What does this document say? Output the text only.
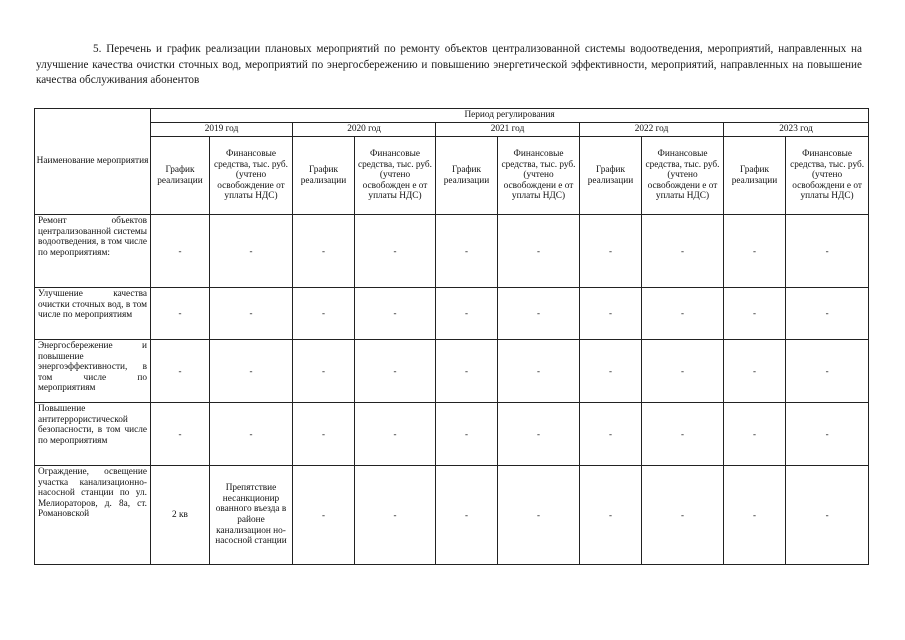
5. Перечень и график реализации плановых мероприятий по ремонту объектов централизованной системы водоотведения, мероприятий, направленных на улучшение качества очистки сточных вод, мероприятий по энергосбережению и повышению энергетической эффективности, мероприятий, направленных на повышение качества обслуживания абонентов

Наименование мероприятия	Период регулирования									
	2019 год		2020 год		2021 год		2022 год		2023 год	
	График реализации	Финансовые средства, тыс. руб. (учтено освобождение от уплаты НДС)	График реализации	Финансовые средства, тыс. руб. (учтено освобожден е от уплаты НДС)	График реализации	Финансовые средства, тыс. руб. (учтено освобождени е от уплаты НДС)	График реализации	Финансовые средства, тыс. руб. (учтено освобождени е от уплаты НДС)	График реализации	Финансовые средства, тыс. руб. (учтено освобождени е от уплаты НДС)
Ремонт объектов централизованной системы водоотведения, в том числе по мероприятиям:	-	-	-	-	-	-	-	-	-	-
Улучшение качества очистки сточных вод, в том числе по мероприятиям	-	-	-	-	-	-	-	-	-	-
Энергосбережение и повышение энергоэффективности, в том числе по мероприятиям	-	-	-	-	-	-	-	-	-	-
Повышение антитеррористической безопасности, в том числе по мероприятиям	-	-	-	-	-	-	-	-	-	-
Ограждение, освещение участка канализационно-насосной станции по ул. Мелиораторов, д. 8а, ст. Романовской	2 кв	Препятствие несанкционир ованного въезда в районе канализацион но-насосной станции	-	-	-	-	-	-	-	-
